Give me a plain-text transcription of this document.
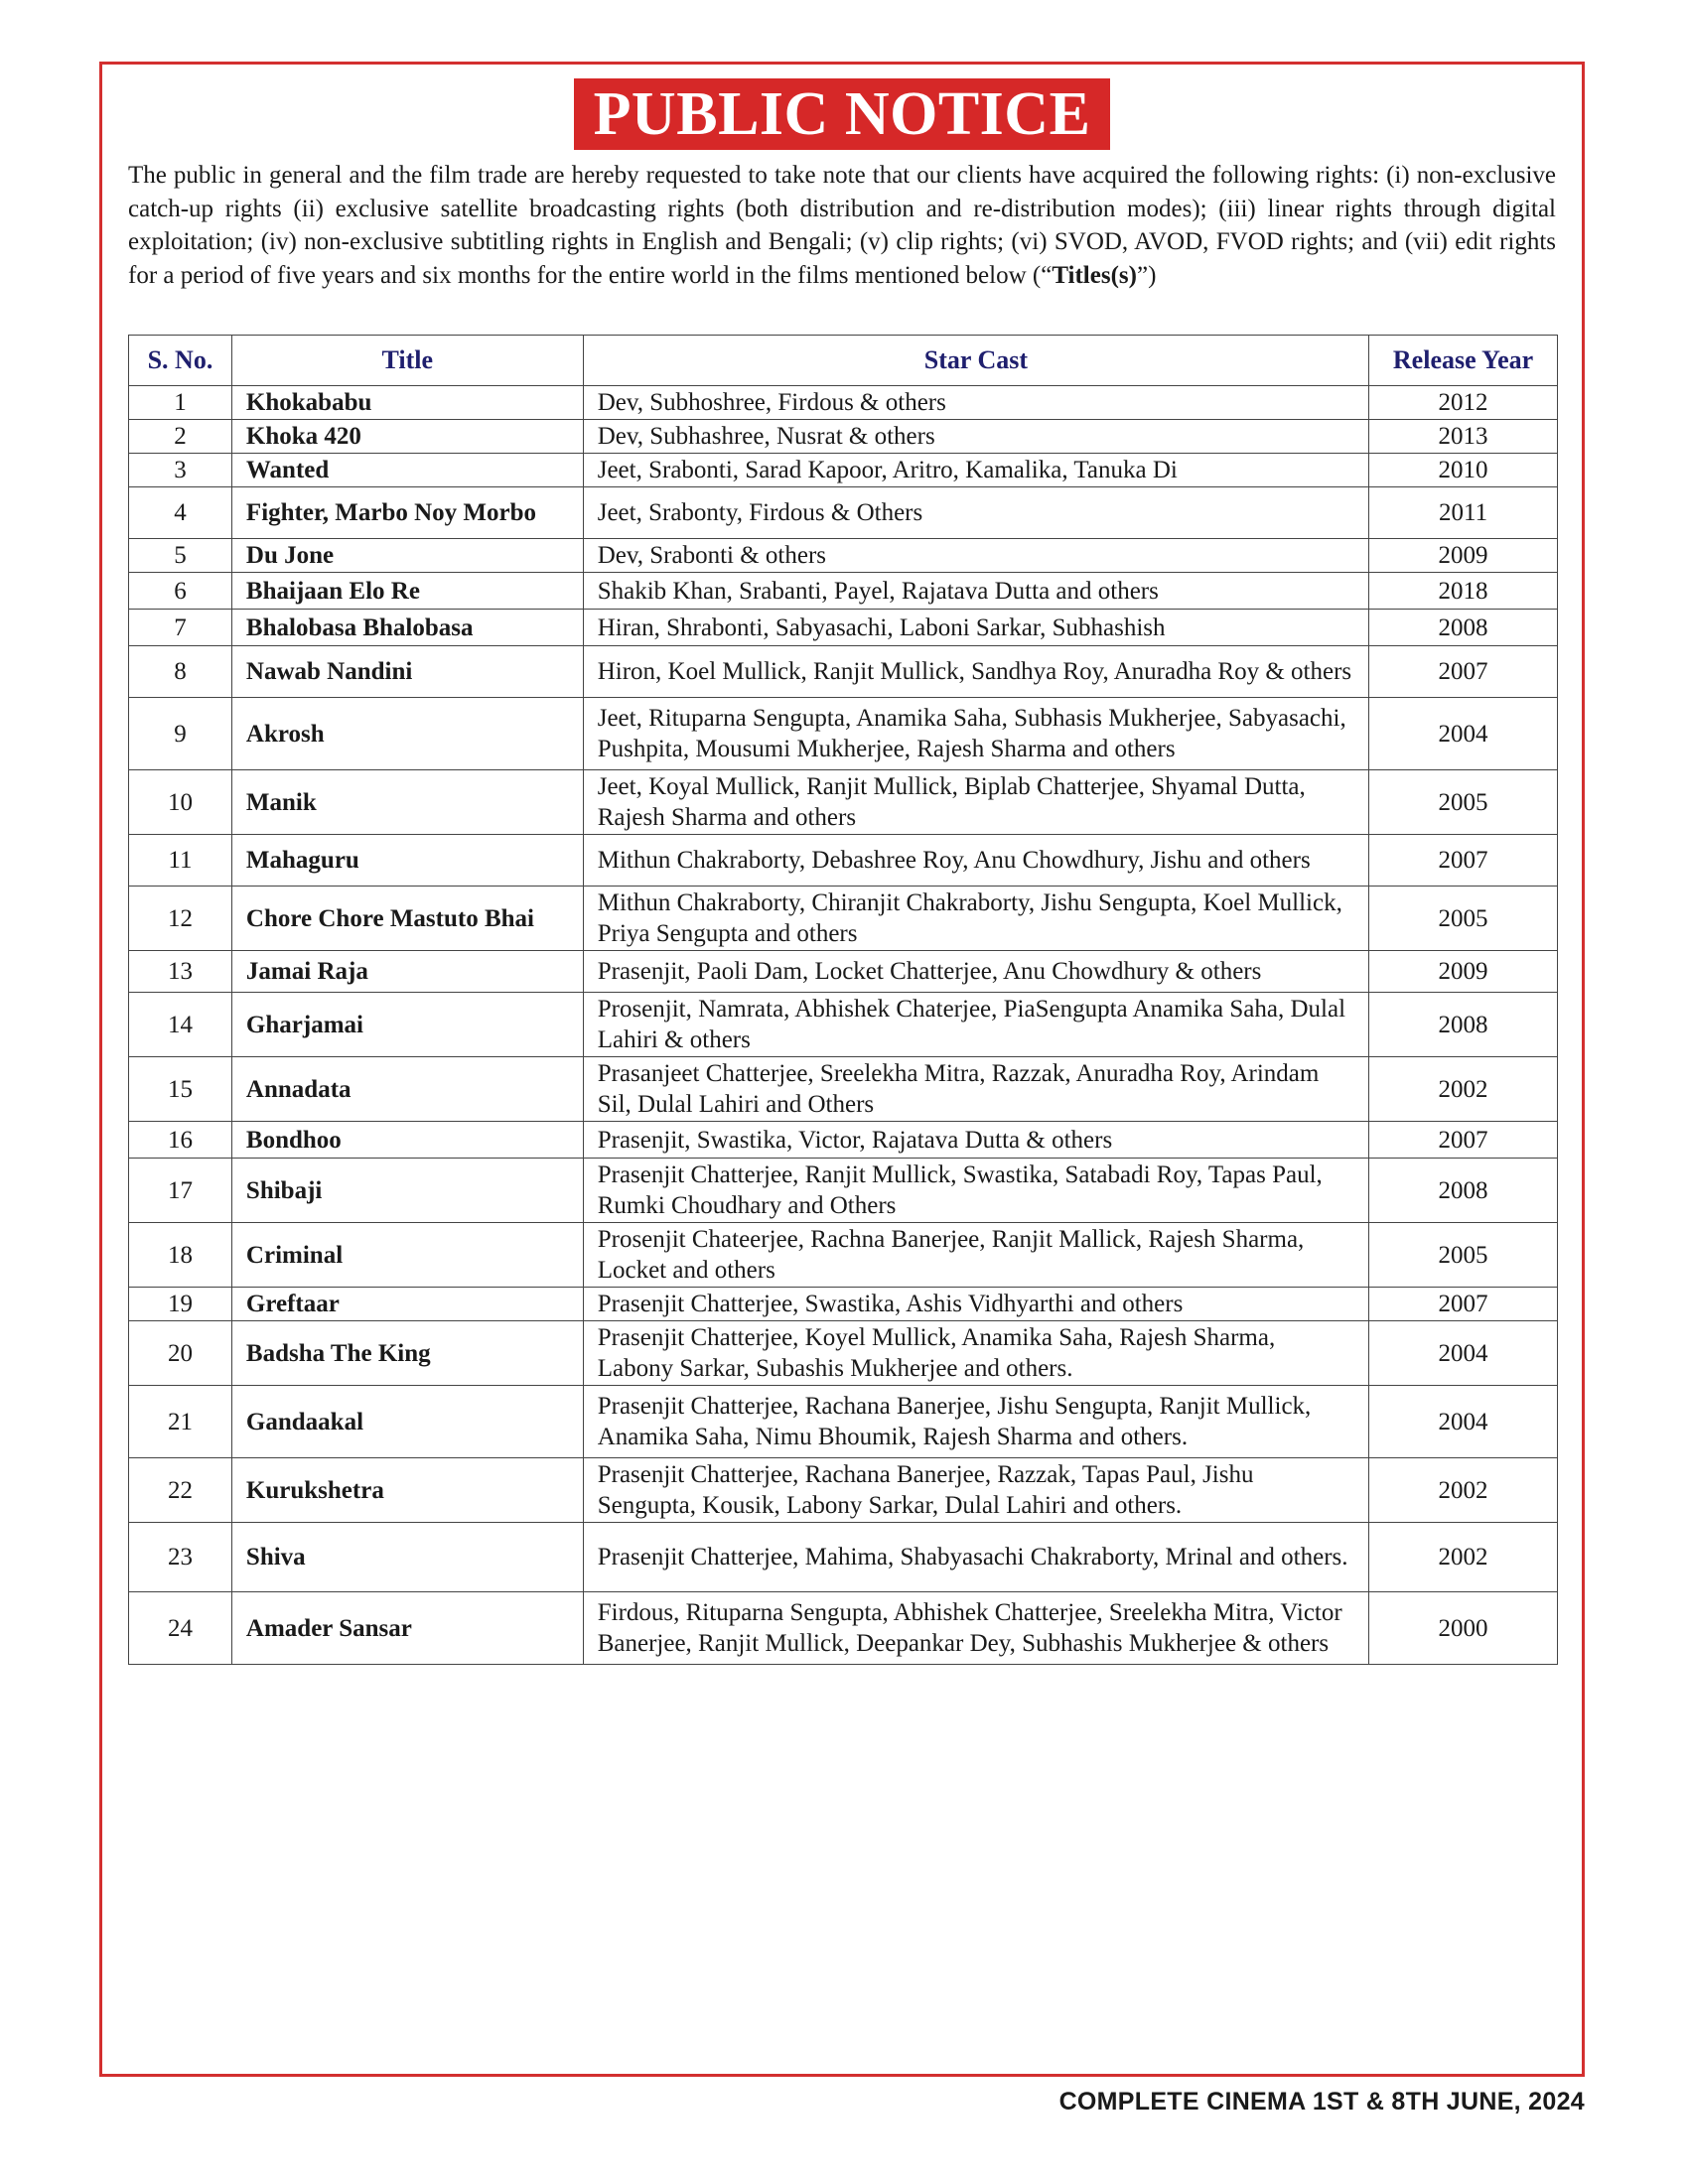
PUBLIC NOTICE
The public in general and the film trade are hereby requested to take note that our clients have acquired the following rights: (i) non-exclusive catch-up rights (ii) exclusive satellite broadcasting rights (both distribution and re-distribution modes); (iii) linear rights through digital exploitation; (iv) non-exclusive subtitling rights in English and Bengali; (v) clip rights; (vi) SVOD, AVOD, FVOD rights; and (vii) edit rights for a period of five years and six months for the entire world in the films mentioned below (“Titles(s)”)
S. No.	Title	Star Cast	Release Year
1	Khokababu	Dev, Subhoshree, Firdous & others	2012
2	Khoka 420	Dev, Subhashree, Nusrat & others	2013
3	Wanted	Jeet, Srabonti, Sarad Kapoor, Aritro, Kamalika, Tanuka Di	2010
4	Fighter, Marbo Noy Morbo	Jeet, Srabonty, Firdous & Others	2011
5	Du Jone	Dev, Srabonti & others	2009
6	Bhaijaan Elo Re	Shakib Khan, Srabanti, Payel, Rajatava Dutta and others	2018
7	Bhalobasa Bhalobasa	Hiran, Shrabonti, Sabyasachi, Laboni Sarkar, Subhashish	2008
8	Nawab Nandini	Hiron, Koel Mullick, Ranjit Mullick, Sandhya Roy, Anuradha Roy & others	2007
9	Akrosh	Jeet, Rituparna Sengupta, Anamika Saha, Subhasis Mukherjee, Sabyasachi, Pushpita, Mousumi Mukherjee, Rajesh Sharma and others	2004
10	Manik	Jeet, Koyal Mullick, Ranjit Mullick, Biplab Chatterjee, Shyamal Dutta, Rajesh Sharma and others	2005
11	Mahaguru	Mithun Chakraborty, Debashree Roy, Anu Chowdhury, Jishu and others	2007
12	Chore Chore Mastuto Bhai	Mithun Chakraborty, Chiranjit Chakraborty, Jishu Sengupta, Koel Mullick, Priya Sengupta and others	2005
13	Jamai Raja	Prasenjit, Paoli Dam, Locket Chatterjee, Anu Chowdhury & others	2009
14	Gharjamai	Prosenjit, Namrata, Abhishek Chaterjee, PiaSengupta Anamika Saha, Dulal Lahiri & others	2008
15	Annadata	Prasanjeet Chatterjee, Sreelekha Mitra, Razzak, Anuradha Roy, Arindam Sil, Dulal Lahiri and Others	2002
16	Bondhoo	Prasenjit, Swastika, Victor, Rajatava Dutta & others	2007
17	Shibaji	Prasenjit Chatterjee, Ranjit Mullick, Swastika, Satabadi Roy, Tapas Paul, Rumki Choudhary and Others	2008
18	Criminal	Prosenjit Chateerjee, Rachna Banerjee, Ranjit Mallick, Rajesh Sharma, Locket and others	2005
19	Greftaar	Prasenjit Chatterjee, Swastika, Ashis Vidhyarthi and others	2007
20	Badsha The King	Prasenjit Chatterjee, Koyel Mullick, Anamika Saha, Rajesh Sharma, Labony Sarkar, Subashis Mukherjee and others.	2004
21	Gandaakal	Prasenjit Chatterjee, Rachana Banerjee, Jishu Sengupta, Ranjit Mullick, Anamika Saha, Nimu Bhoumik, Rajesh Sharma and others.	2004
22	Kurukshetra	Prasenjit Chatterjee, Rachana Banerjee, Razzak, Tapas Paul, Jishu Sengupta, Kousik, Labony Sarkar, Dulal Lahiri and others.	2002
23	Shiva	Prasenjit Chatterjee, Mahima, Shabyasachi Chakraborty, Mrinal and others.	2002
24	Amader Sansar	Firdous, Rituparna Sengupta, Abhishek Chatterjee, Sreelekha Mitra, Victor Banerjee, Ranjit Mullick, Deepankar Dey, Subhashis Mukherjee & others	2000
COMPLETE CINEMA 1ST & 8TH JUNE, 2024
